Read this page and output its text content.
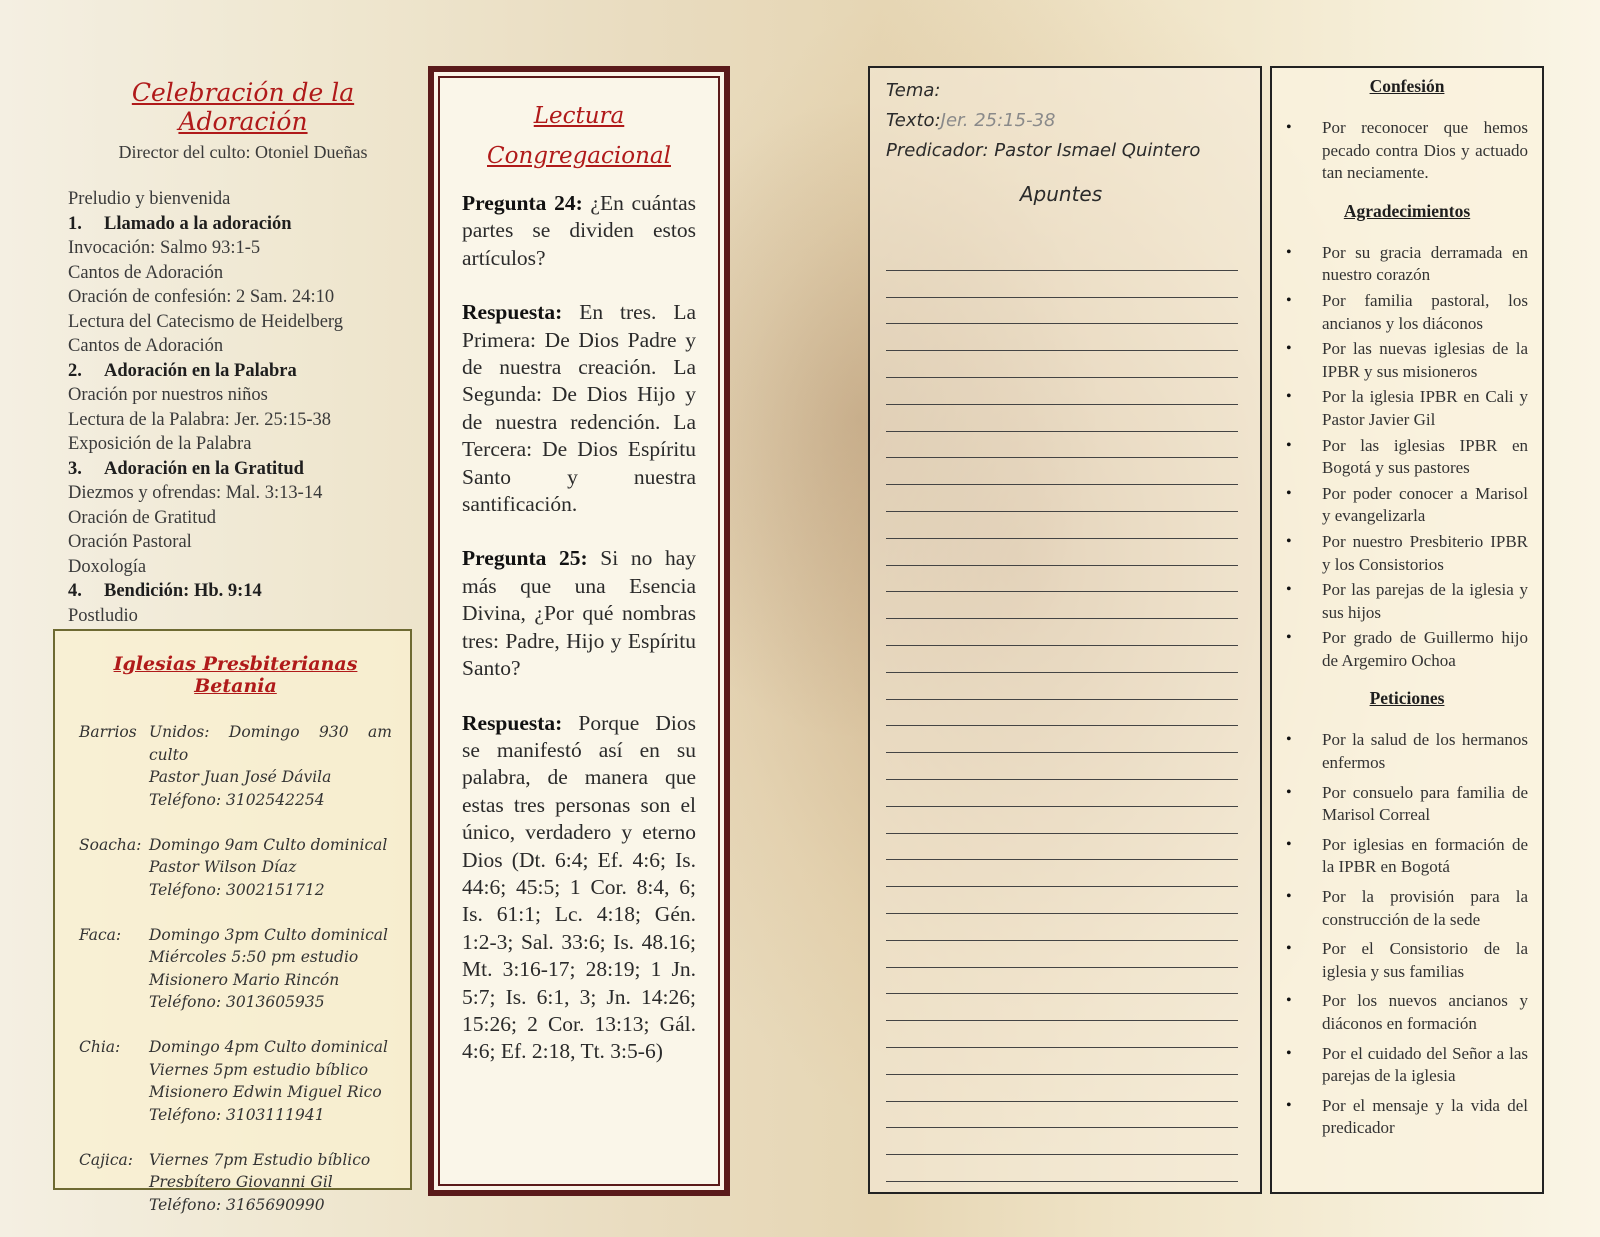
Celebración de la Adoración
Director del culto: Otoniel Dueñas
Preludio y bienvenida
1. Llamado a la adoración
Invocación: Salmo 93:1-5
Cantos de Adoración
Oración de confesión: 2 Sam. 24:10
Lectura del Catecismo de Heidelberg
Cantos de Adoración
2. Adoración en la Palabra
Oración por nuestros niños
Lectura de la Palabra: Jer. 25:15-38
Exposición de la Palabra
3. Adoración en la Gratitud
Diezmos y ofrendas: Mal. 3:13-14
Oración de Gratitud
Oración Pastoral
Doxología
4. Bendición: Hb. 9:14
Postludio
Iglesias Presbiterianas Betania
Barrios Unidos: Domingo 930 am culto
Pastor Juan José Dávila
Teléfono: 3102542254
Soacha: Domingo 9am Culto dominical
Pastor Wilson Díaz
Teléfono: 3002151712
Faca:	Domingo 3pm Culto dominical
Miércoles 5:50 pm estudio
Misionero Mario Rincón
Teléfono: 3013605935
Chia:	Domingo 4pm Culto dominical
Viernes 5pm estudio bíblico
Misionero Edwin Miguel Rico
Teléfono: 3103111941
Cajica:	Viernes 7pm Estudio bíblico
Presbítero Giovanni Gil
Teléfono: 3165690990
Lectura
Congregacional

Pregunta 24: ¿En cuántas partes se dividen estos artículos?

Respuesta: En tres. La Primera: De Dios Padre y de nuestra creación. La Segunda: De Dios Hijo y de nuestra redención. La Tercera: De Dios Espíritu Santo y nuestra santificación.

Pregunta 25: Si no hay más que una Esencia Divina, ¿Por qué nombras tres: Padre, Hijo y Espíritu Santo?

Respuesta: Porque Dios se manifestó así en su palabra, de manera que estas tres personas son el único, verdadero y eterno Dios (Dt. 6:4; Ef. 4:6; Is. 44:6; 45:5; 1 Cor. 8:4, 6; Is. 61:1; Lc. 4:18; Gén. 1:2-3; Sal. 33:6; Is. 48.16; Mt. 3:16-17; 28:19; 1 Jn. 5:7; Is. 6:1, 3; Jn. 14:26; 15:26; 2 Cor. 13:13; Gál. 4:6; Ef. 2:18, Tt. 3:5-6)

Tema:
Texto:Jer. 25:15-38
Predicador: Pastor Ismael Quintero
Apuntes
Confesión
• Por reconocer que hemos pecado contra Dios y actuado tan neciamente.
Agradecimientos
• Por su gracia derramada en nuestro corazón
• Por familia pastoral, los ancianos y los diáconos
• Por las nuevas iglesias de la IPBR y sus misioneros
• Por la iglesia IPBR en Cali y Pastor Javier Gil
• Por las iglesias IPBR en Bogotá y sus pastores
• Por poder conocer a Marisol y evangelizarla
• Por nuestro Presbiterio IPBR y los Consistorios
• Por las parejas de la iglesia y sus hijos
• Por grado de Guillermo hijo de Argemiro Ochoa
Peticiones
• Por la salud de los hermanos enfermos
• Por consuelo para familia de Marisol Correal
• Por iglesias en formación de la IPBR en Bogotá
• Por la provisión para la construcción de la sede
• Por el Consistorio de la iglesia y sus familias
• Por los nuevos ancianos y diáconos en formación
• Por el cuidado del Señor a las parejas de la iglesia
• Por el mensaje y la vida del predicador
